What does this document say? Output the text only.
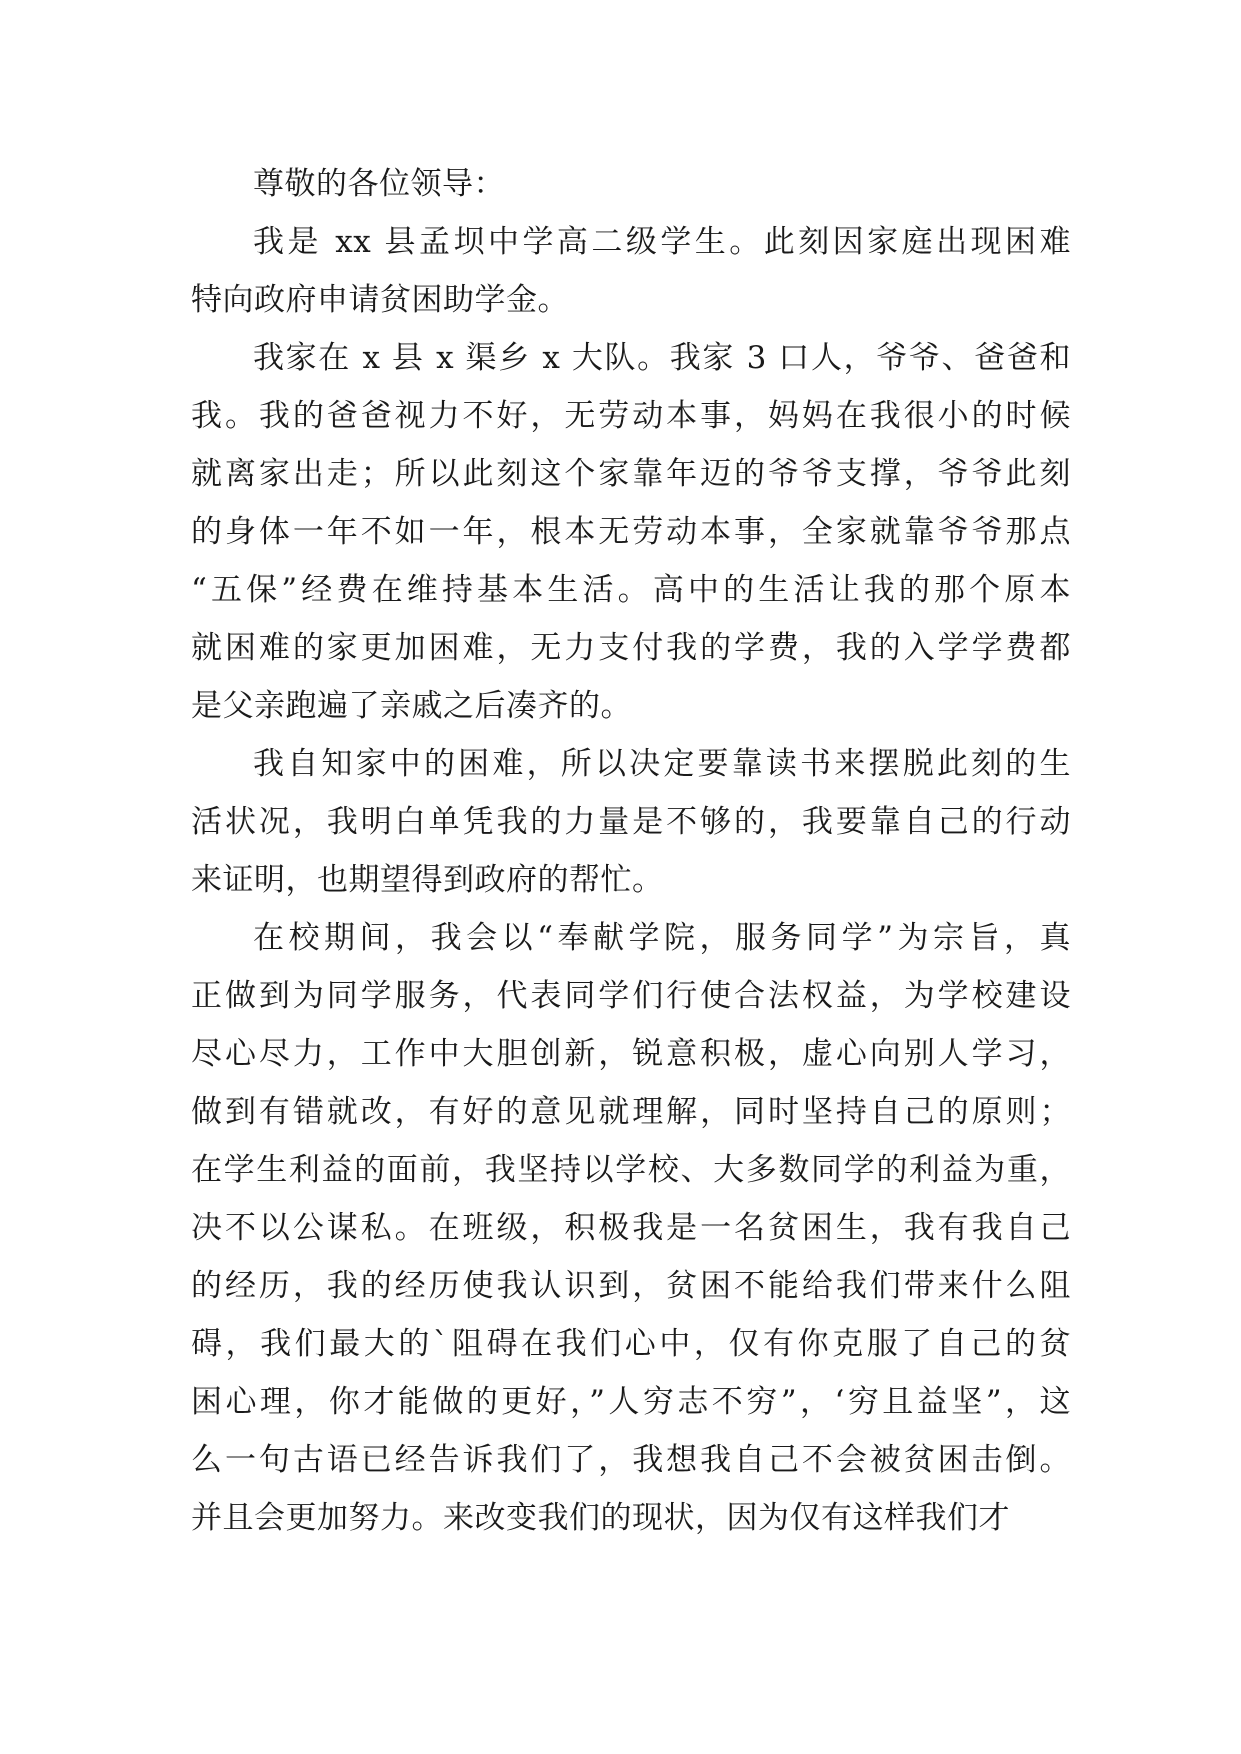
尊敬的各位领导：
我是 xx 县孟坝中学高二级学生。此刻因家庭出现困难
特向政府申请贫困助学金。
我家在 x 县 x 渠乡 x 大队。我家 3 口人，爷爷、爸爸和
我。我的爸爸视力不好，无劳动本事，妈妈在我很小的时候
就离家出走；所以此刻这个家靠年迈的爷爷支撑，爷爷此刻
的身体一年不如一年，根本无劳动本事，全家就靠爷爷那点
“五保”经费在维持基本生活。高中的生活让我的那个原本
就困难的家更加困难，无力支付我的学费，我的入学学费都
是父亲跑遍了亲戚之后凑齐的。
我自知家中的困难，所以决定要靠读书来摆脱此刻的生
活状况，我明白单凭我的力量是不够的，我要靠自己的行动
来证明，也期望得到政府的帮忙。
在校期间，我会以“奉献学院，服务同学”为宗旨，真
正做到为同学服务，代表同学们行使合法权益，为学校建设
尽心尽力，工作中大胆创新，锐意积极，虚心向别人学习，
做到有错就改，有好的意见就理解，同时坚持自己的原则；
在学生利益的面前，我坚持以学校、大多数同学的利益为重，
决不以公谋私。在班级，积极我是一名贫困生，我有我自己
的经历，我的经历使我认识到，贫困不能给我们带来什么阻
碍，我们最大的`阻碍在我们心中，仅有你克服了自己的贫
困心理，你才能做的更好，”人穷志不穷”，‘穷且益坚”，这
么一句古语已经告诉我们了，我想我自己不会被贫困击倒。
并且会更加努力。来改变我们的现状，因为仅有这样我们才
